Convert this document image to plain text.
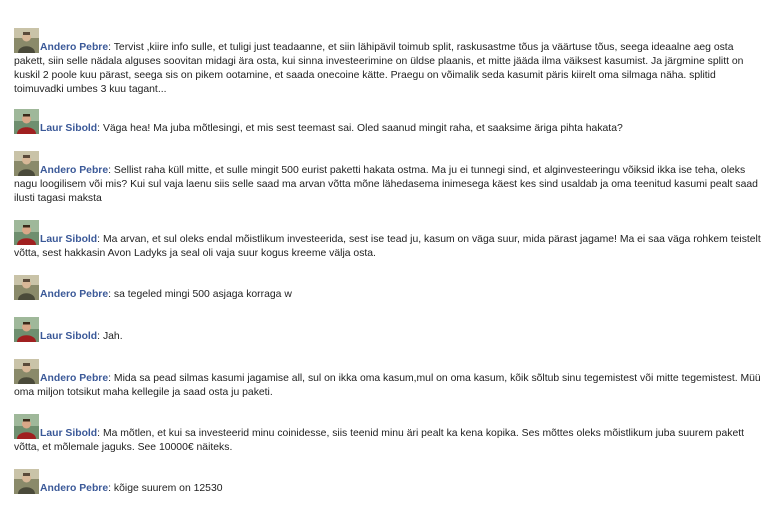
Andero Pebre: Tervist ,kiire info sulle, et tuligi just teadaanne, et siin lähipävil toimub split, raskusastme tõus ja väärtuse tõus, seega ideaalne aeg osta pakett, siin selle nädala alguses soovitan midagi ära osta, kui sinna investeerimine on üldse plaanis, et mitte jääda ilma väiksest kasumist. Ja järgmine splitt on kuskil 2 poole kuu pärast, seega sis on pikem ootamine, et saada onecoine kätte. Praegu on võimalik seda kasumit päris kiirelt oma silmaga näha. splitid toimuvadki umbes 3 kuu tagant...
Laur Sibold: Väga hea! Ma juba mõtlesingi, et mis sest teemast sai. Oled saanud mingit raha, et saaksime äriga pihta hakata?
Andero Pebre: Sellist raha küll mitte, et sulle mingit 500 eurist paketti hakata ostma. Ma ju ei tunnegi sind, et alginvesteeringu võiksid ikka ise teha, oleks nagu loogilisem või mis? Kui sul vaja laenu siis selle saad ma arvan võtta mõne lähedasema inimesega käest kes sind usaldab ja oma teenitud kasumi pealt saad ilusti tagasi maksta
Laur Sibold: Ma arvan, et sul oleks endal mõistlikum investeerida, sest ise tead ju, kasum on väga suur, mida pärast jagame! Ma ei saa väga rohkem teistelt võtta, sest hakkasin Avon Ladyks ja seal oli vaja suur kogus kreeme välja osta.
Andero Pebre: sa tegeled mingi 500 asjaga korraga w
Laur Sibold: Jah.
Andero Pebre: Mida sa pead silmas kasumi jagamise all, sul on ikka oma kasum,mul on oma kasum, kõik sõltub sinu tegemistest või mitte tegemistest. Müü oma miljon totsikut maha kellegile ja saad osta ju paketi.
Laur Sibold: Ma mõtlen, et kui sa investeerid minu coinidesse, siis teenid minu äri pealt ka kena kopika. Ses mõttes oleks mõistlikum juba suurem pakett võtta, et mõlemale jaguks. See 10000€ näiteks.
Andero Pebre: kõige suurem on 12530
